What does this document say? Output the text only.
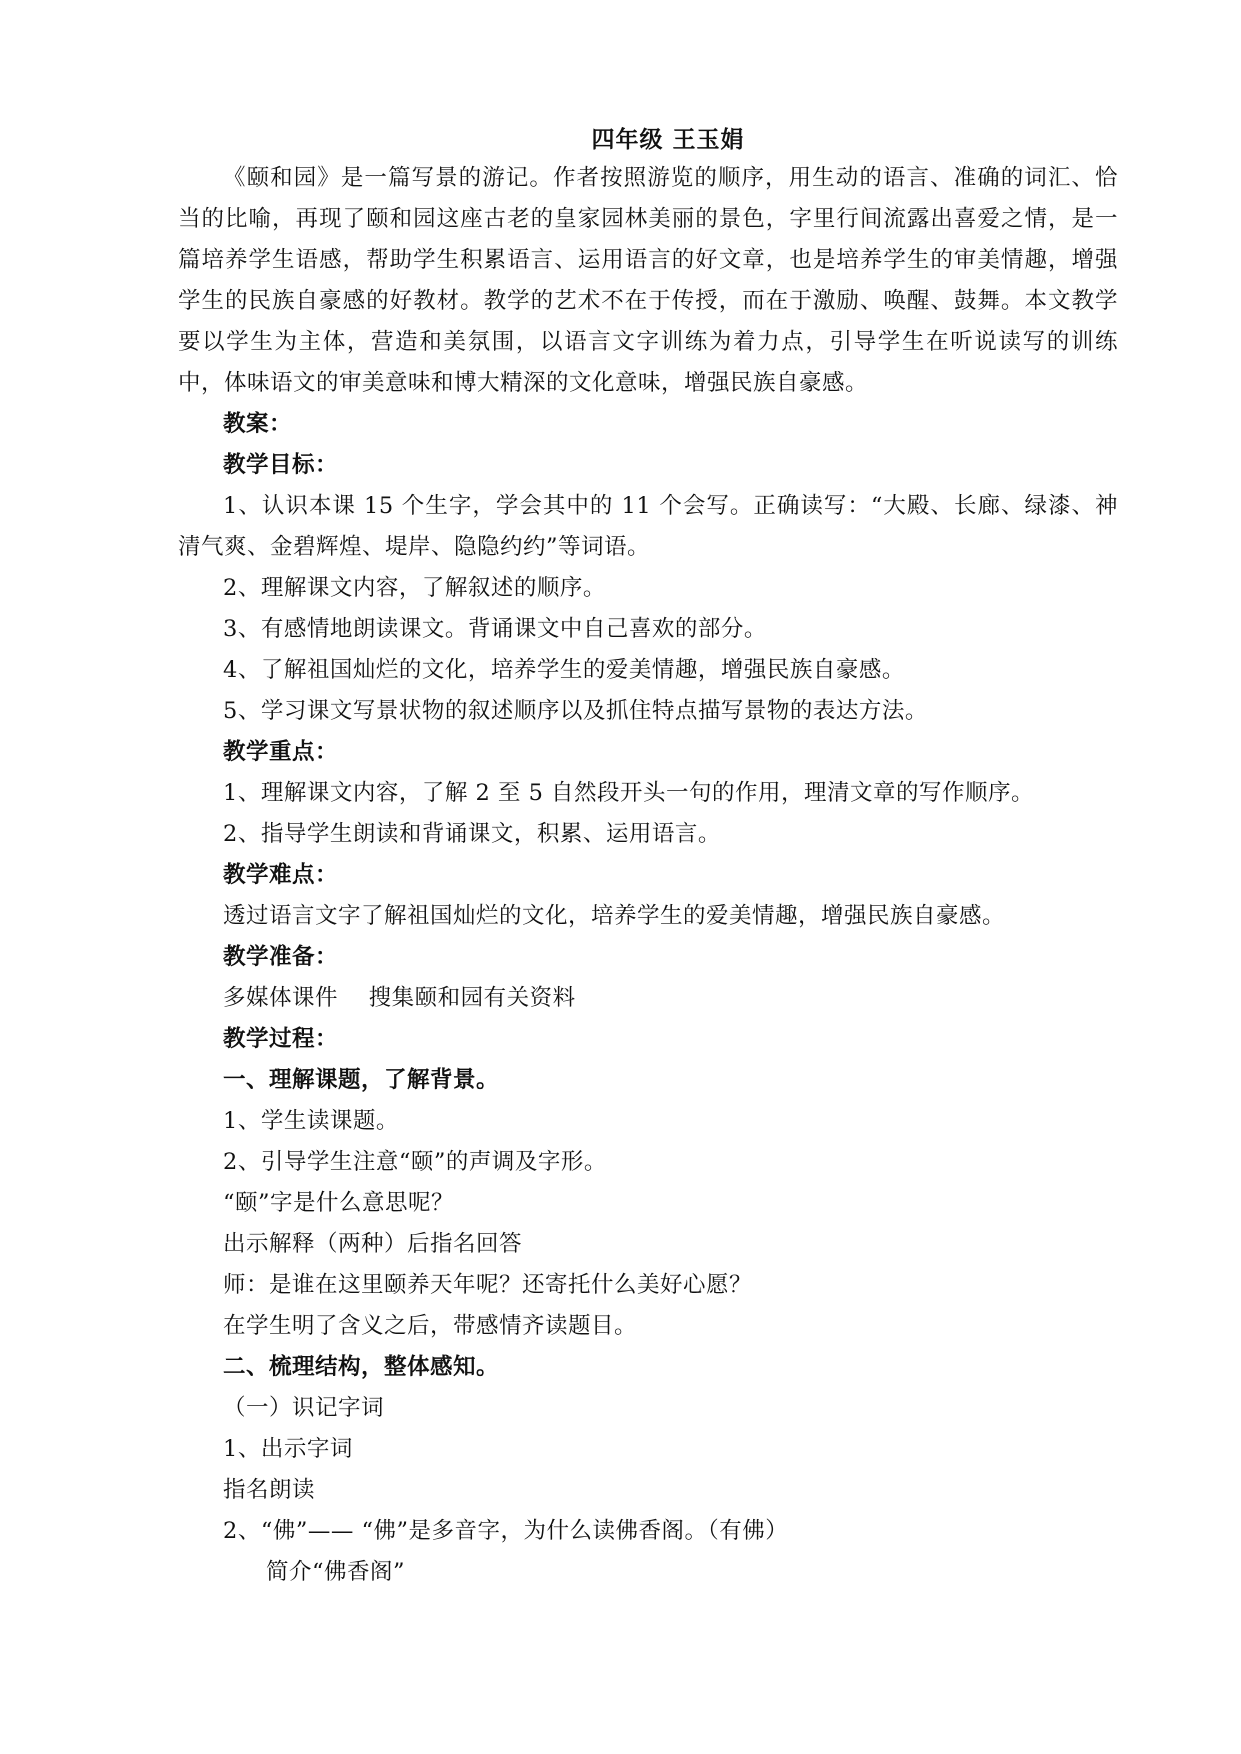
四年级 王玉娟

《颐和园》是一篇写景的游记。作者按照游览的顺序，用生动的语言、准确的词汇、恰当的比喻，再现了颐和园这座古老的皇家园林美丽的景色，字里行间流露出喜爱之情，是一篇培养学生语感，帮助学生积累语言、运用语言的好文章，也是培养学生的审美情趣，增强学生的民族自豪感的好教材。教学的艺术不在于传授，而在于激励、唤醒、鼓舞。本文教学要以学生为主体，营造和美氛围，以语言文字训练为着力点，引导学生在听说读写的训练中，体味语文的审美意味和博大精深的文化意味，增强民族自豪感。

教案：
教学目标：
1、认识本课 15 个生字，学会其中的 11 个会写。正确读写：“大殿、长廊、绿漆、神清气爽、金碧辉煌、堤岸、隐隐约约”等词语。
2、理解课文内容，了解叙述的顺序。
3、有感情地朗读课文。背诵课文中自己喜欢的部分。
4、了解祖国灿烂的文化，培养学生的爱美情趣，增强民族自豪感。
5、学习课文写景状物的叙述顺序以及抓住特点描写景物的表达方法。
教学重点：
1、理解课文内容，了解 2 至 5 自然段开头一句的作用，理清文章的写作顺序。
2、指导学生朗读和背诵课文，积累、运用语言。
教学难点：
透过语言文字了解祖国灿烂的文化，培养学生的爱美情趣，增强民族自豪感。
教学准备：
多媒体课件    搜集颐和园有关资料
教学过程：
一、理解课题，了解背景。
1、学生读课题。
2、引导学生注意“颐”的声调及字形。
“颐”字是什么意思呢？
出示解释（两种）后指名回答
师：是谁在这里颐养天年呢？还寄托什么美好心愿？
在学生明了含义之后，带感情齐读题目。
二、梳理结构，整体感知。
（一）识记字词
1、出示字词
指名朗读
2、“佛”—— “佛”是多音字，为什么读佛香阁。（有佛）
简介“佛香阁”
